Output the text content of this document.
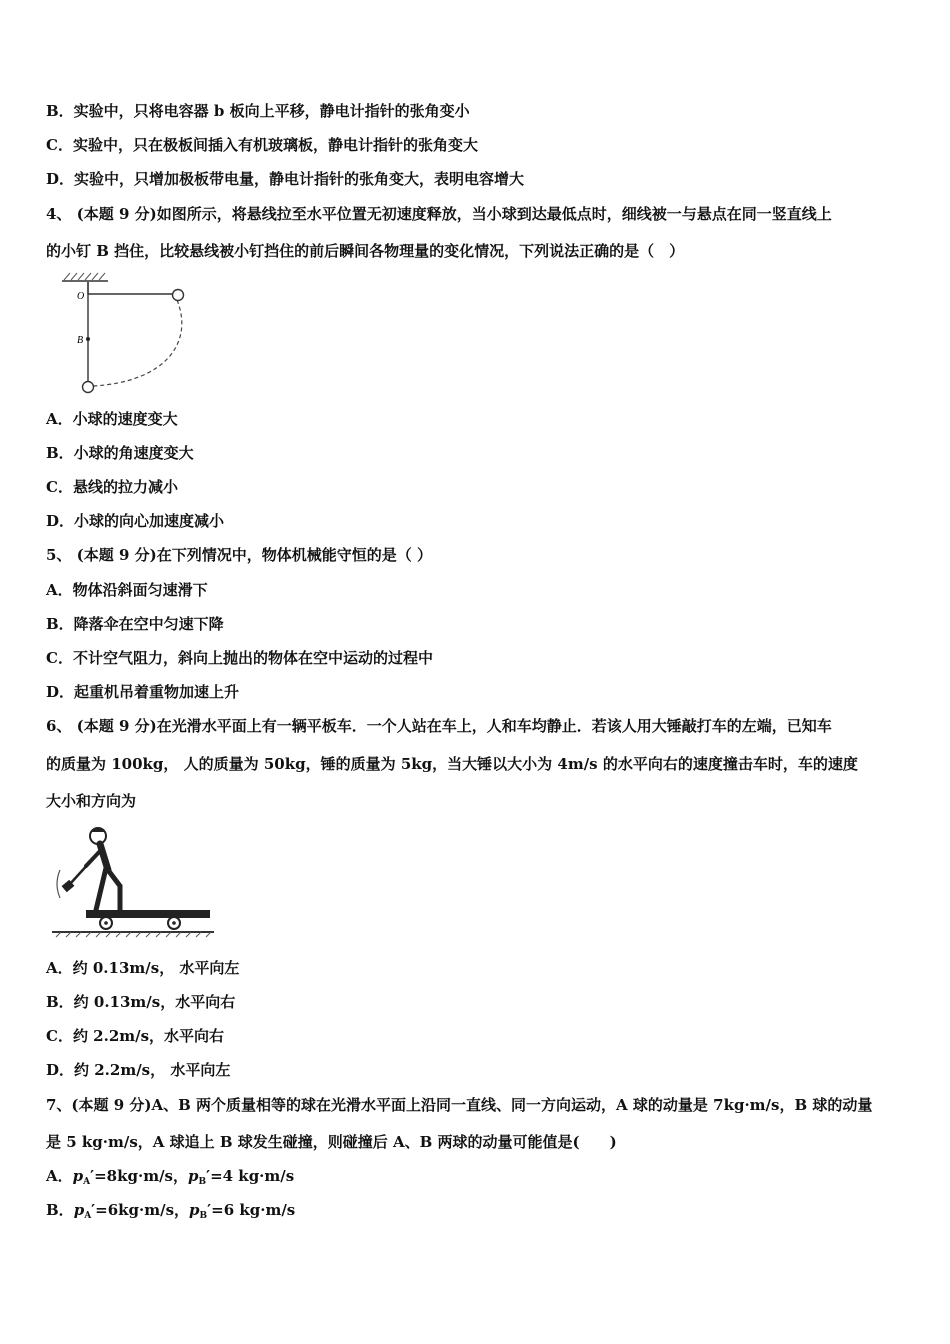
B．实验中，只将电容器 b 板向上平移，静电计指针的张角变小
C．实验中，只在极板间插入有机玻璃板，静电计指针的张角变大
D．实验中，只增加极板带电量，静电计指针的张角变大，表明电容增大
4、 (本题 9 分)如图所示，将悬线拉至水平位置无初速度释放，当小球到达最低点时，细线被一与悬点在同一竖直线上
的小钉 B 挡住，比较悬线被小钉挡住的前后瞬间各物理量的变化情况，下列说法正确的是（　）
O
B
A．小球的速度变大
B．小球的角速度变大
C．悬线的拉力减小
D．小球的向心加速度减小
5、 (本题 9 分)在下列情况中，物体机械能守恒的是（ ）
A．物体沿斜面匀速滑下
B．降落伞在空中匀速下降
C．不计空气阻力，斜向上抛出的物体在空中运动的过程中
D．起重机吊着重物加速上升
6、 (本题 9 分)在光滑水平面上有一辆平板车．一个人站在车上，人和车均静止．若该人用大锤敲打车的左端，已知车
的质量为 100kg， 人的质量为 50kg，锤的质量为 5kg，当大锤以大小为 4m/s 的水平向右的速度撞击车时，车的速度
大小和方向为
A．约 0.13m/s， 水平向左
B．约 0.13m/s，水平向右
C．约 2.2m/s，水平向右
D．约 2.2m/s， 水平向左
7、(本题 9 分)A、B 两个质量相等的球在光滑水平面上沿同一直线、同一方向运动，A 球的动量是 7kg·m/s，B 球的动量
是 5 kg·m/s，A 球追上 B 球发生碰撞，则碰撞后 A、B 两球的动量可能值是(　　)
A．$p_A'=8kg\cdot m/s$，$p_B'=4$ kg·m/s
B．$p_A'=6kg\cdot m/s$，$p_B'=6$ kg·m/s
